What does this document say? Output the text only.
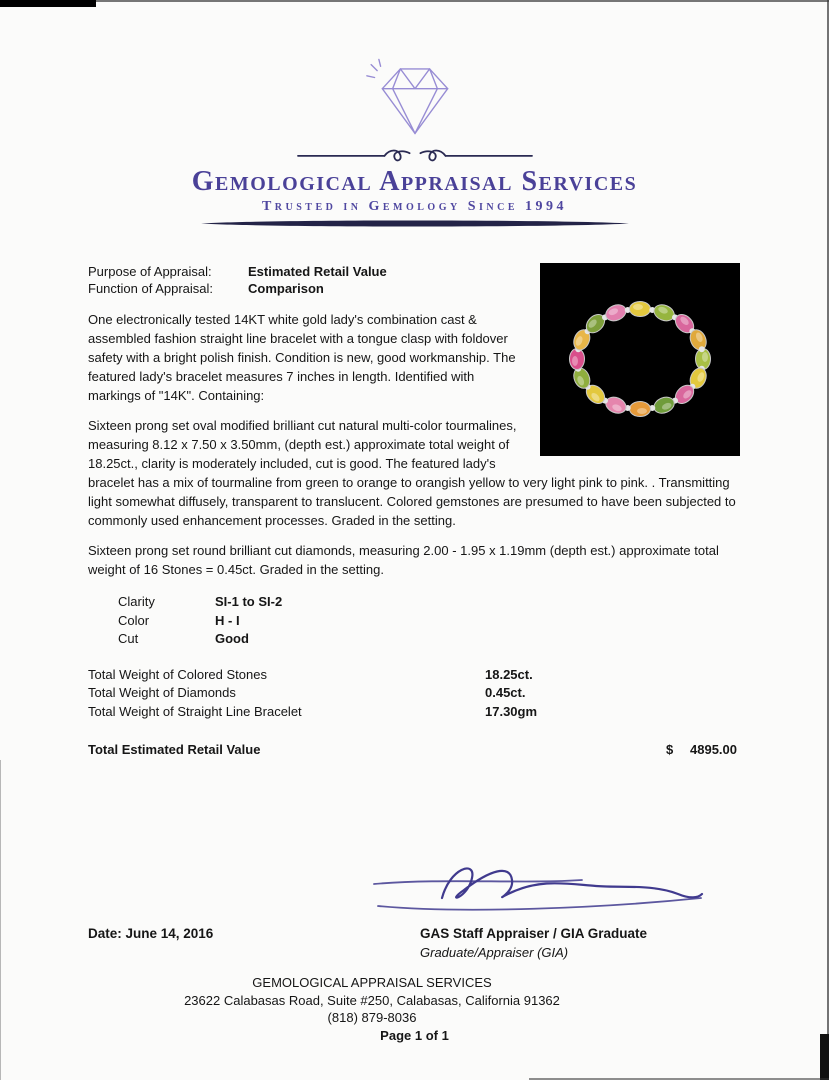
Gemological Appraisal Services
Trusted in Gemology Since 1994
Purpose of Appraisal:	Estimated Retail Value
Function of Appraisal:	Comparison

One electronically tested 14KT white gold lady's combination cast & assembled fashion straight line bracelet with a tongue clasp with foldover safety with a bright polish finish. Condition is new, good workmanship. The featured lady's bracelet measures 7 inches in length. Identified with markings of "14K". Containing:

Sixteen prong set oval modified brilliant cut natural multi-color tourmalines, measuring 8.12 x 7.50 x 3.50mm, (depth est.) approximate total weight of 18.25ct., clarity is moderately included, cut is good. The featured lady's bracelet has a mix of tourmaline from green to orange to orangish yellow to very light pink to pink. . Transmitting light somewhat diffusely, transparent to translucent. Colored gemstones are presumed to have been subjected to commonly used enhancement processes. Graded in the setting.

Sixteen prong set round brilliant cut diamonds, measuring 2.00 - 1.95 x 1.19mm (depth est.) approximate total weight of 16 Stones = 0.45ct. Graded in the setting.

Clarity	SI-1 to SI-2
Color	H - I
Cut	Good
Total Weight of Colored Stones	18.25ct.
Total Weight of Diamonds	0.45ct.
Total Weight of Straight Line Bracelet	17.30gm
Total Estimated Retail Value	$ 4895.00
Date: June 14, 2016	GAS Staff Appraiser / GIA Graduate
Graduate/Appraiser (GIA)
GEMOLOGICAL APPRAISAL SERVICES
23622 Calabasas Road, Suite #250, Calabasas, California 91362
(818) 879-8036
Page 1 of 1
